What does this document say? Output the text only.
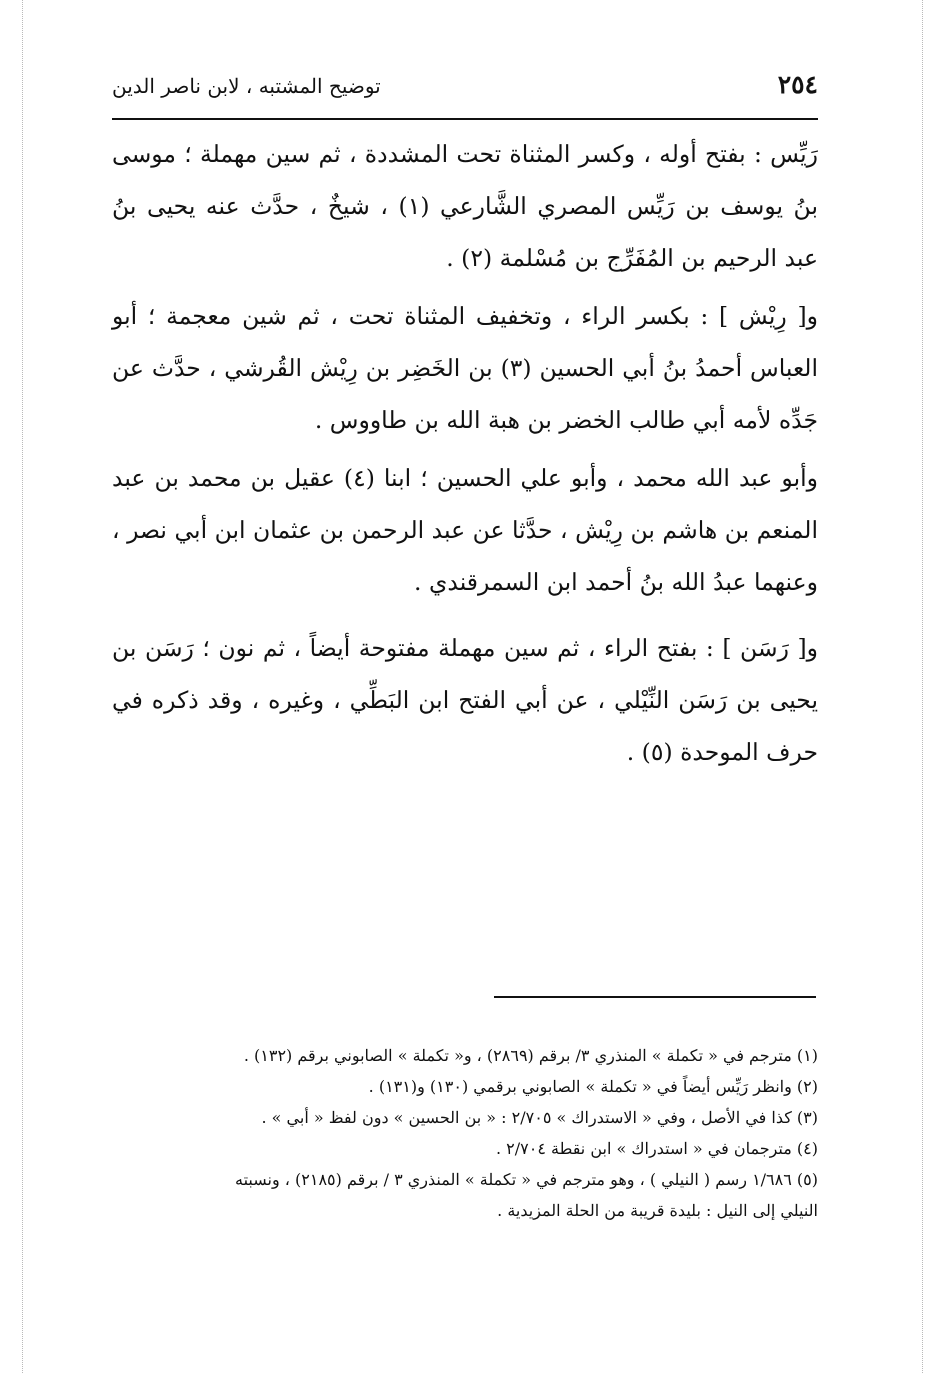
٢٥٤
توضيح المشتبه ، لابن ناصر الدين

رَيِّس : بفتح أوله ، وكسر المثناة تحت المشددة ، ثم سين مهملة ؛ موسى بنُ يوسف بن رَيِّس المصري الشَّارعي (١) ، شيخٌ ، حدَّث عنه يحيى بنُ عبد الرحيم بن المُفَرِّج بن مُسْلمة (٢) .

و[ رِيْش ] : بكسر الراء ، وتخفيف المثناة تحت ، ثم شين معجمة ؛ أبو العباس أحمدُ بنُ أبي الحسين (٣) بن الخَضِر بن رِيْش القُرشي ، حدَّث عن جَدِّه لأمه أبي طالب الخضر بن هبة الله بن طاووس .

وأبو عبد الله محمد ، وأبو علي الحسين ؛ ابنا (٤) عقيل بن محمد بن عبد المنعم بن هاشم بن رِيْش ، حدَّثا عن عبد الرحمن بن عثمان ابن أبي نصر ، وعنهما عبدُ الله بنُ أحمد ابن السمرقندي .

و[ رَسَن ] : بفتح الراء ، ثم سين مهملة مفتوحة أيضاً ، ثم نون ؛ رَسَن بن يحيى بن رَسَن النِّيْلي ، عن أبي الفتح ابن البَطِّي ، وغيره ، وقد ذكره في حرف الموحدة (٥) .

(١) مترجم في « تكملة » المنذري ٣/ برقم (٢٨٦٩) ، و« تكملة » الصابوني برقم (١٣٢) .

(٢) وانظر رَيِّس أيضاً في « تكملة » الصابوني برقمي (١٣٠) و(١٣١) .

(٣) كذا في الأصل ، وفي « الاستدراك » ٢/٧٠٥ : « بن الحسين » دون لفظ « أبي » .

(٤) مترجمان في « استدراك » ابن نقطة ٢/٧٠٤ .

(٥) ١/٦٨٦ رسم ( النيلي ) ، وهو مترجم في « تكملة » المنذري ٣ / برقم (٢١٨٥) ، ونسبته
النيلي إلى النيل : بليدة قريبة من الحلة المزيدية .
